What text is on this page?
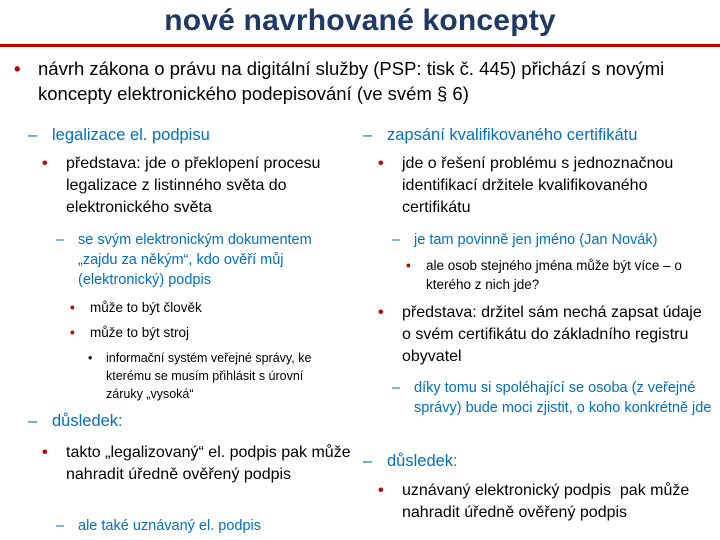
nové navrhované koncepty
• návrh zákona o právu na digitální služby (PSP: tisk č. 445) přichází s novými koncepty elektronického podepisování (ve svém § 6)
– legalizace el. podpisu
• představa: jde o překlopení procesu legalizace z listinného světa do elektronického světa
– se svým elektronickým dokumentem „zajdu za někým“, kdo ověří můj (elektronický) podpis
• může to být člověk
• může to být stroj
• informační systém veřejné správy, ke kterému se musím přihlásit s úrovní záruky „vysoká“
– důsledek:
• takto „legalizovaný“ el. podpis pak může nahradit úředně ověřený podpis
– ale také uznávaný el. podpis
– zapsání kvalifikovaného certifikátu
• jde o řešení problému s jednoznačnou identifikací držitele kvalifikovaného certifikátu
– je tam povinně jen jméno (Jan Novák)
• ale osob stejného jména může být více – o kterého z nich jde?
• představa: držitel sám nechá zapsat údaje o svém certifikátu do základního registru obyvatel
– díky tomu si spoléhající se osoba (z veřejné správy) bude moci zjistit, o koho konkrétně jde
– důsledek:
• uznávaný elektronický podpis  pak může nahradit úředně ověřený podpis
